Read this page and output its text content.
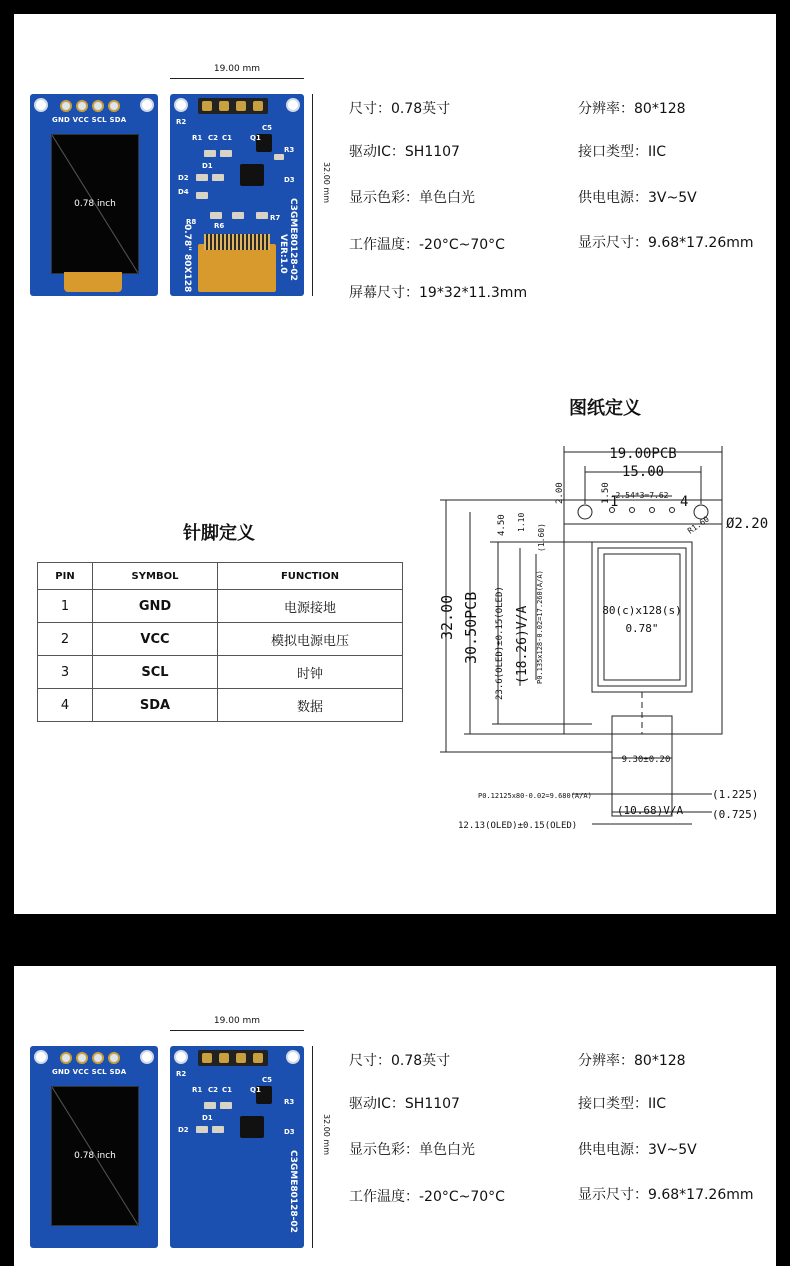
GND VCC SCL SDA
0.78 inch
R2
R1 C2 C1	Q1
C5
R3
D1
D2	D3
D4
R8	R6
R7 C3GME80128-02
VER:1.0
0.78" 80X128
19.00 mm
32.00 mm
尺寸：0.78英寸	分辨率：80*128
驱动IC：SH1107	接口类型：IIC
显示色彩：单色白光	供电电源：3V~5V
工作温度：-20°C~70°C	显示尺寸：9.68*17.26mm
屏幕尺寸：19*32*11.3mm
针脚定义
PIN	SYMBOL	FUNCTION
1	GND	电源接地
2	VCC	模拟电源电压
3	SCL	时钟
4	SDA	数据
图纸定义
19.00PCB
15.00
2.54*3=7.62
Ø2.20
1	4
R1.60
2.00	1.50
4.50 1.10
(1.60)
32.00 30.50PCB 23.6(OLED)±0.15(OLED) (18.26)V/A P0.135x128-0.02=17.260(A/A)	80(c)x128(s)
0.78"
9.30±0.20
P0.12125x80-0.02=9.680(A/A)	(1.225)
(10.68)V/A	(0.725)
12.13(OLED)±0.15(OLED)
GND VCC SCL SDA
0.78 inch
R2
R1 C2 C1	Q1
C5
R3
D1
D2	D3
C3GME80128-02
19.00 mm
32.00 mm
尺寸：0.78英寸	分辨率：80*128
驱动IC：SH1107	接口类型：IIC
显示色彩：单色白光	供电电源：3V~5V
工作温度：-20°C~70°C	显示尺寸：9.68*17.26mm
